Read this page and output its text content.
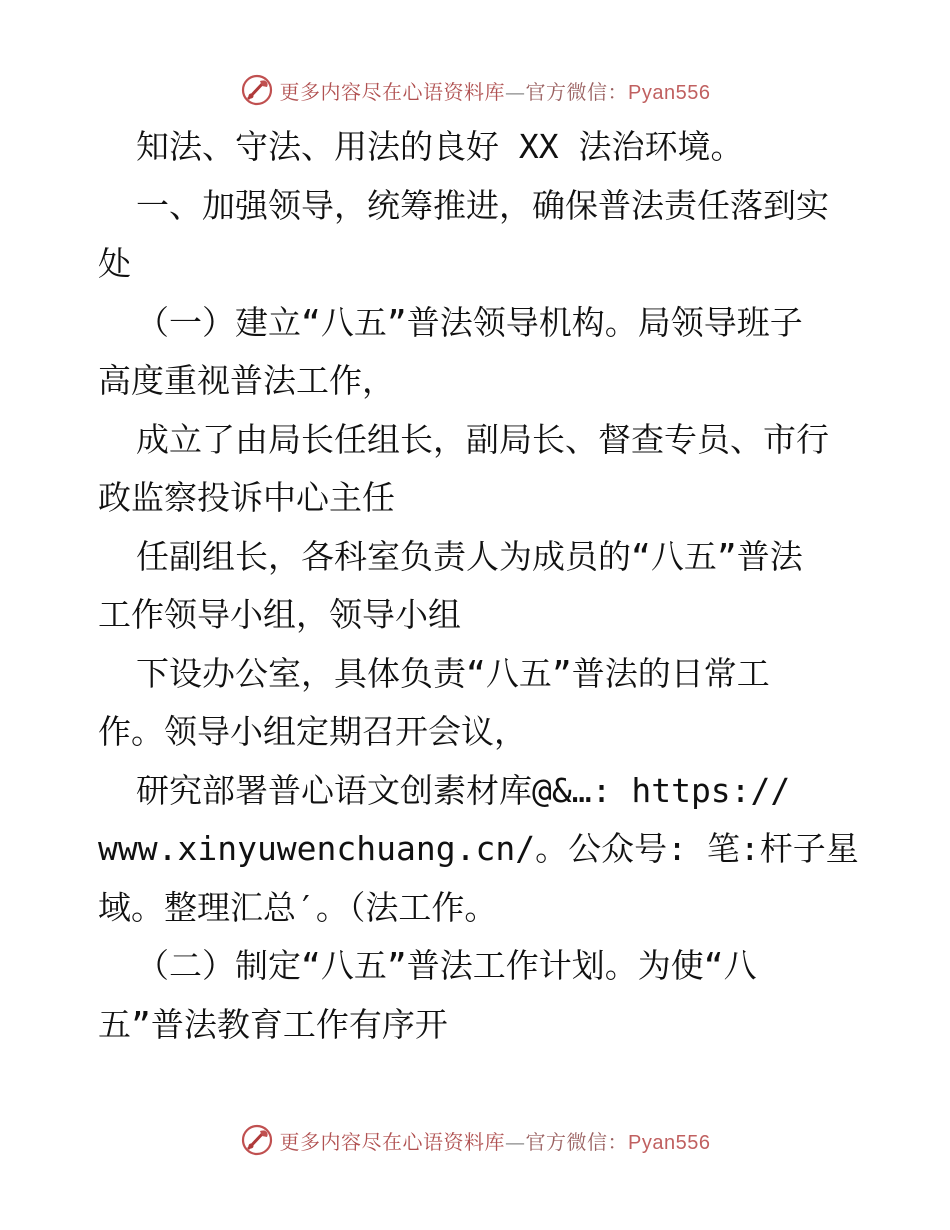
更多内容尽在心语资料库—官方微信：Pyan556
知法、守法、用法的良好 XX 法治环境。
一、加强领导，统筹推进，确保普法责任落到实
处
（一）建立“八五”普法领导机构。局领导班子
高度重视普法工作，
成立了由局长任组长，副局长、督查专员、市行
政监察投诉中心主任
任副组长，各科室负责人为成员的“八五”普法
工作领导小组，领导小组
下设办公室，具体负责“八五”普法的日常工
作。领导小组定期召开会议，
研究部署普心语文创素材库@&…: https://
www.xinyuwenchuang.cn/。公众号: 笔:杆子星
域。整理汇总′。（法工作。
（二）制定“八五”普法工作计划。为使“八
五”普法教育工作有序开
更多内容尽在心语资料库—官方微信：Pyan556
